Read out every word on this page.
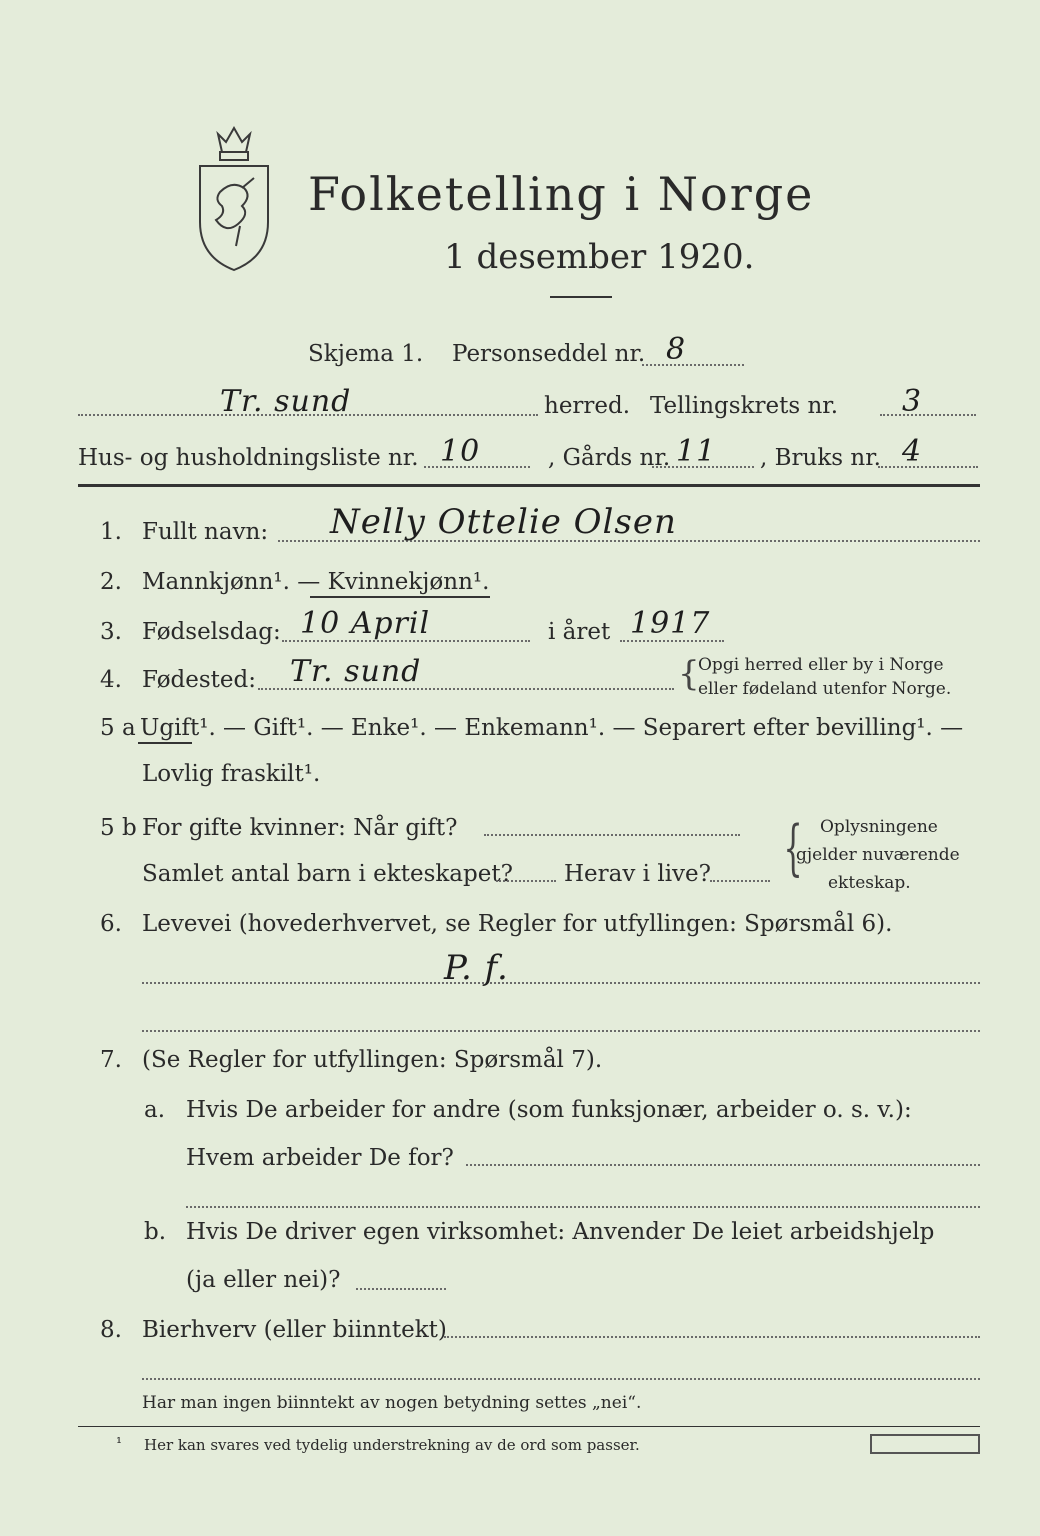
Folketelling i Norge
1 desember 1920.
Skjema 1. Personseddel nr. 8
Tr. sund	herred. Tellingskrets nr. 3
Hus- og husholdningsliste nr. 10	, Gårds nr. 11 , Bruks nr. 4
1. Fullt navn: Nelly Ottelie Olsen
2. Mannkjønn¹. — Kvinnekjønn¹.
3. Fødselsdag: 10 April	i året 1917
4. Fødested: Tr. sund	{
Opgi herred eller by i Norge
eller fødeland utenfor Norge.
5 a Ugift¹. — Gift¹. — Enke¹. — Enkemann¹. — Separert efter bevilling¹. —
Lovlig fraskilt¹.
5 b For gifte kvinner: Når gift?
Samlet antal barn i ekteskapet? Herav i live? { Oplysningene
gjelder nuværende
ekteskap.
6. Levevei (hovederhvervet, se Regler for utfyllingen: Spørsmål 6).
P. f.
7. (Se Regler for utfyllingen: Spørsmål 7).
a. Hvis De arbeider for andre (som funksjonær, arbeider o. s. v.):
Hvem arbeider De for?
b. Hvis De driver egen virksomhet: Anvender De leiet arbeidshjelp
(ja eller nei)?
8. Bierhverv (eller biinntekt)
Har man ingen biinntekt av nogen betydning settes „nei“.
¹ Her kan svares ved tydelig understrekning av de ord som passer.
